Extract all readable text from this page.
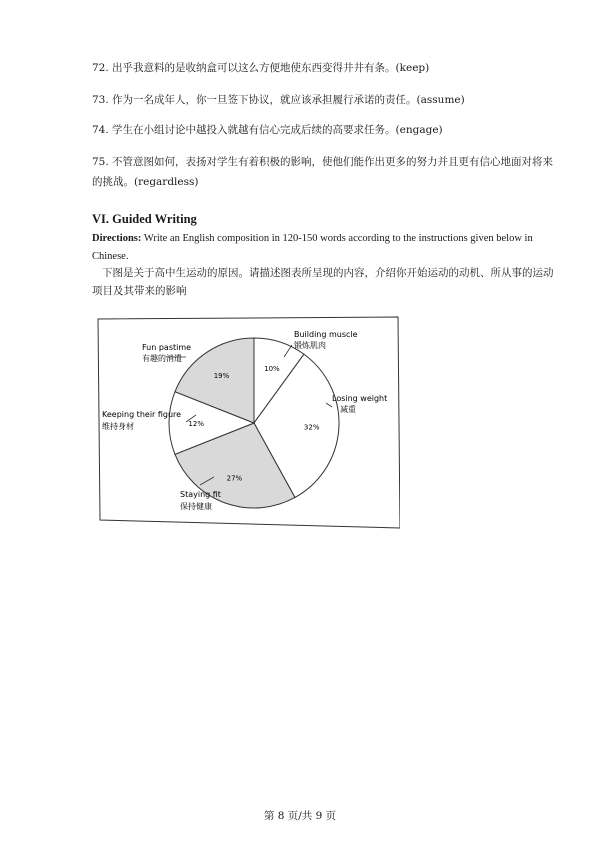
72. 出乎我意料的是收纳盒可以这么方便地使东西变得井井有条。(keep)
73. 作为一名成年人，你一旦签下协议，就应该承担履行承诺的责任。(assume)
74. 学生在小组讨论中越投入就越有信心完成后续的高要求任务。(engage)
75. 不管意图如何，表扬对学生有着积极的影响，使他们能作出更多的努力并且更有信心地面对将来的挑战。(regardless)
VI. Guided Writing
Directions: Write an English composition in 120-150 words according to the instructions given below in Chinese.
下图是关于高中生运动的原因。请描述图表所呈现的内容，介绍你开始运动的动机、所从事的运动项目及其带来的影响
10%
32%
27%
12%
19%
Building muscle
锻炼肌肉
Losing weight
减重
Staying fit
保持健康
Keeping their figure
维持身材
Fun pastime
有趣的消遣
第 8 页/共 9 页
